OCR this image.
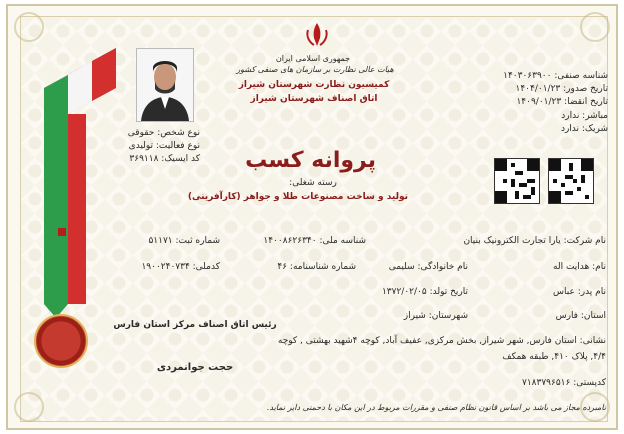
جمهوری اسلامی ایران
هیات عالی نظارت بر سازمان های صنفی کشور
کمیسیون نظارت شهرستان شیراز
اتاق اصناف شهرستان شیراز
نوع شخص: حقوقی
نوع فعالیت: تولیدی
کد ایسیک: ۳۶۹۱۱۸
شناسه صنفی: ۱۴۰۳۰۶۳۹۰۰
تاریخ صدور: ۱۴۰۴/۰۱/۲۳
تاریخ انقضا: ۱۴۰۹/۰۱/۲۳
مباشر: ندارد
شریک: ندارد
پروانه کسب
رسته شغلی:
تولید و ساخت مصنوعات طلا و جواهر (کارآفرینی)
نام شرکت: یارا تجارت الکترونیک بنیان
شناسه ملی: ۱۴۰۰۸۶۲۶۳۴۰
شماره ثبت: ۵۱۱۷۱
نام: هدایت اله
نام خانوادگی: سلیمی
شماره شناسنامه: ۴۶
کدملی: ۱۹۰۰۲۴۰۷۳۴
نام پدر: عباس
تاریخ تولد: ۱۳۷۲/۰۲/۰۵
استان: فارس
شهرستان: شیراز
نشانی: استان فارس, شهر شیراز, بخش مرکزی, عفیف آباد, کوچه ۴شهید بهشتی , کوچه
۴/۴, پلاک ۴۱۰, طبقه همکف
کدپستی: ۷۱۸۳۷۹۶۵۱۶
رئیس اتاق اصناف مرکز استان فارس
حجت جوانمردی
نامبرده مجاز می باشد بر اساس قانون نظام صنفی و مقررات مربوط در این مکان با دحمنی دایر نماید.
